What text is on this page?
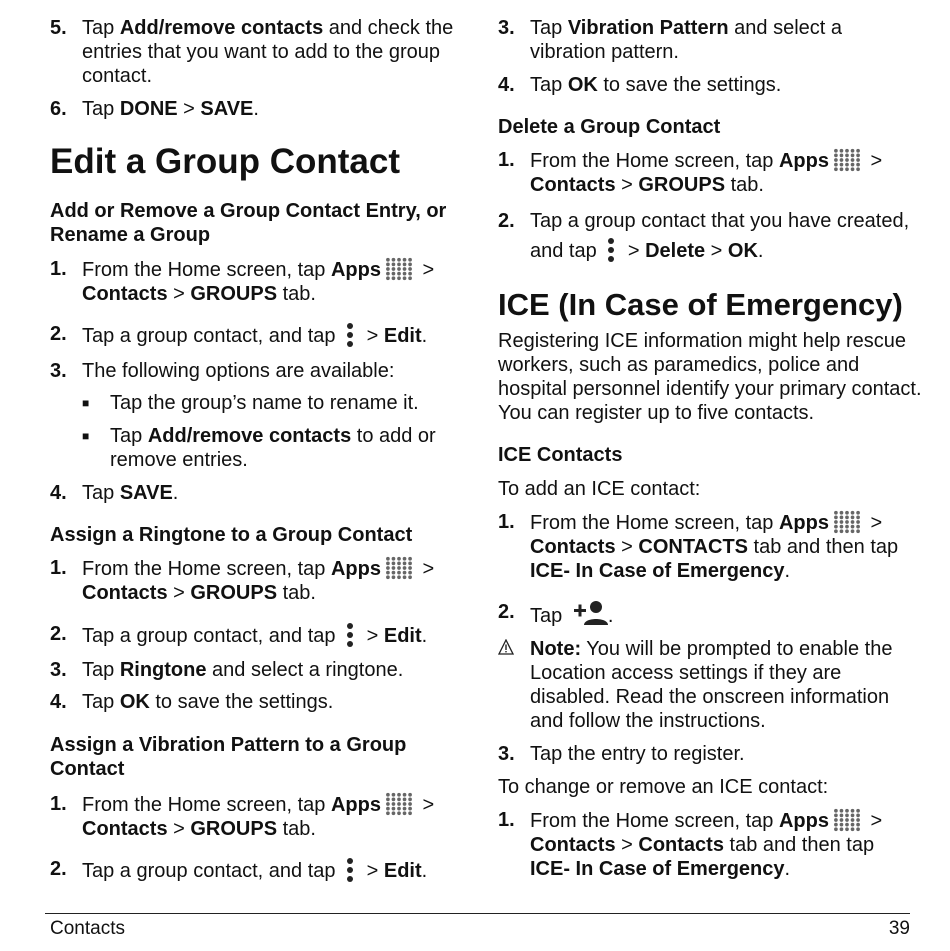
5. Tap Add/remove contacts and check the entries that you want to add to the group contact.
6. Tap DONE > SAVE.
Edit a Group Contact
Add or Remove a Group Contact Entry, or Rename a Group
1. From the Home screen, tap Apps >
Contacts > GROUPS tab.
2. Tap a group contact, and tap  > Edit.
3. The following options are available:
■ Tap the group’s name to rename it.
■ Tap Add/remove contacts to add or remove entries.
4. Tap SAVE.
Assign a Ringtone to a Group Contact
1. From the Home screen, tap Apps >
Contacts > GROUPS tab.
2. Tap a group contact, and tap  > Edit.
3. Tap Ringtone and select a ringtone.
4. Tap OK to save the settings.
Assign a Vibration Pattern to a Group Contact
1. From the Home screen, tap Apps >
Contacts > GROUPS tab.
2. Tap a group contact, and tap  > Edit.
3. Tap Vibration Pattern and select a vibration pattern.
4. Tap OK to save the settings.
Delete a Group Contact
1. From the Home screen, tap Apps >
Contacts > GROUPS tab.
2. Tap a group contact that you have created, and tap  > Delete > OK.
ICE (In Case of Emergency)
Registering ICE information might help rescue workers, such as paramedics, police and hospital personnel identify your primary contact. You can register up to five contacts.
ICE Contacts
To add an ICE contact:
1. From the Home screen, tap Apps >
Contacts > CONTACTS tab and then tap ICE- In Case of Emergency.
2. Tap .
Note: You will be prompted to enable the Location access settings if they are disabled. Read the onscreen information and follow the instructions.
3. Tap the entry to register.
To change or remove an ICE contact:
1. From the Home screen, tap Apps >
Contacts > Contacts tab and then tap ICE- In Case of Emergency.
Contacts	39
